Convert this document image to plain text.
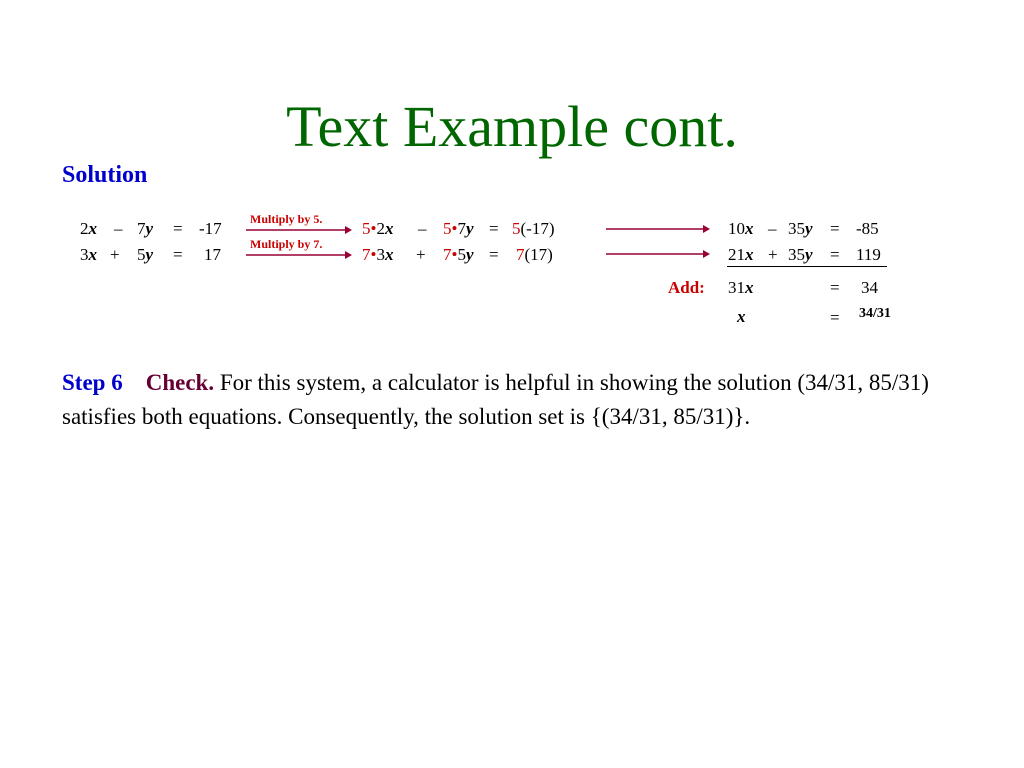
Text Example cont.
Solution
2x – 7y = -17
3x + 5y = 17
Multiply by 5.
Multiply by 7.
5•2x – 5•7y = 5(-17)
7•3x + 7•5y = 7(17)
10x – 35y = -85
21x + 35y = 119
Add: 31x	= 34
x	= 34/31
Step 6 Check. For this system, a calculator is helpful in showing the solution (34/31, 85/31) satisfies both equations. Consequently, the solution set is {(34/31, 85/31)}.
